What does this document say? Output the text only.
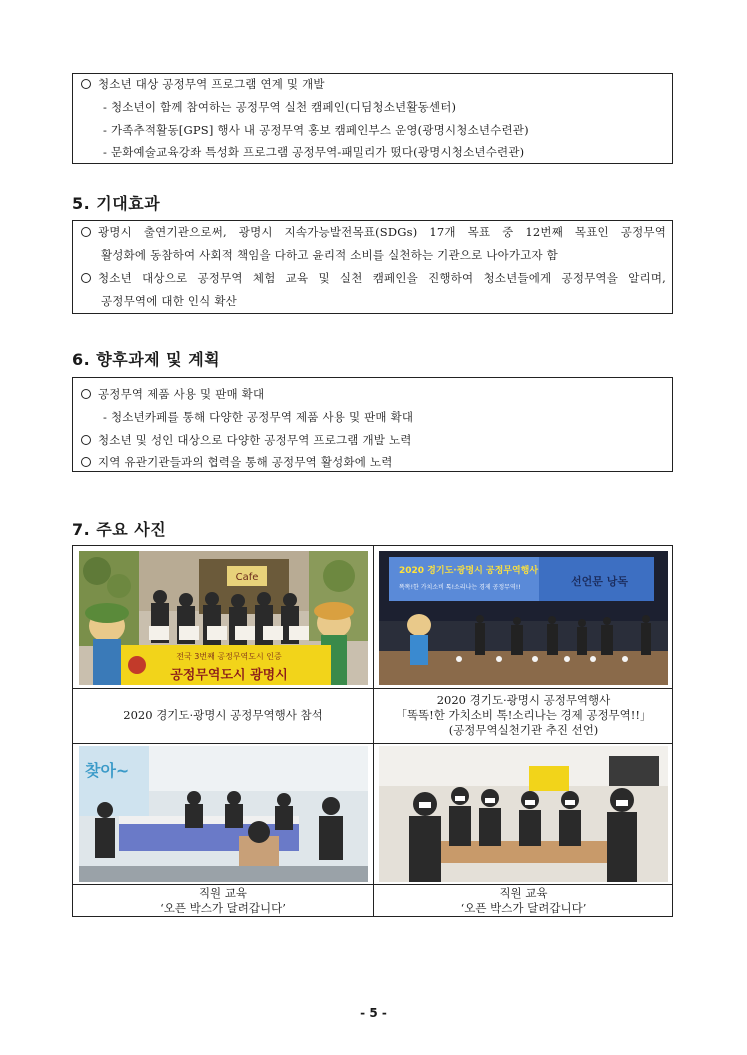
청소년 대상 공정무역 프로그램 연계 및 개발
- 청소년이 함께 참여하는 공정무역 실천 캠페인(디딤청소년활동센터)
- 가족추적활동[GPS] 행사 내 공정무역 홍보 캠페인부스 운영(광명시청소년수련관)
- 문화예술교육강좌 특성화 프로그램 공정무역-패밀리가 떴다(광명시청소년수련관)
5. 기대효과
광명시 출연기관으로써, 광명시 지속가능발전목표(SDGs) 17개 목표 중 12번째 목표인 공정무역
활성화에 동참하여 사회적 책임을 다하고 윤리적 소비를 실천하는 기관으로 나아가고자 함
청소년 대상으로 공정무역 체험 교육 및 실천 캠페인을 진행하여 청소년들에게 공정무역을 알리며,
공정무역에 대한 인식 확산
6. 향후과제 및 계획
공정무역 제품 사용 및 판매 확대
- 청소년카페를 통해 다양한 공정무역 제품 사용 및 판매 확대
청소년 및 성인 대상으로 다양한 공정무역 프로그램 개발 노력
지역 유관기관들과의 협력을 통해 공정무역 활성화에 노력
7. 주요 사진
Cafe
전국 3번째 공정무역도시 인증
공정무역도시 광명시
2020 경기도·광명시 공정무역행사
똑똑!한 가치소비 톡!소리나는 경제 공정무역!!	선언문 낭독
2020 경기도·광명시 공정무역행사 참석
2020 경기도·광명시 공정무역행사
「똑똑!한 가치소비 톡!소리나는 경제 공정무역!!」
(공정무역실천기관 추진 선언)
찾아~
직원 교육
‘오픈 박스가 달려갑니다’
직원 교육
‘오픈 박스가 달려갑니다’
- 5 -
